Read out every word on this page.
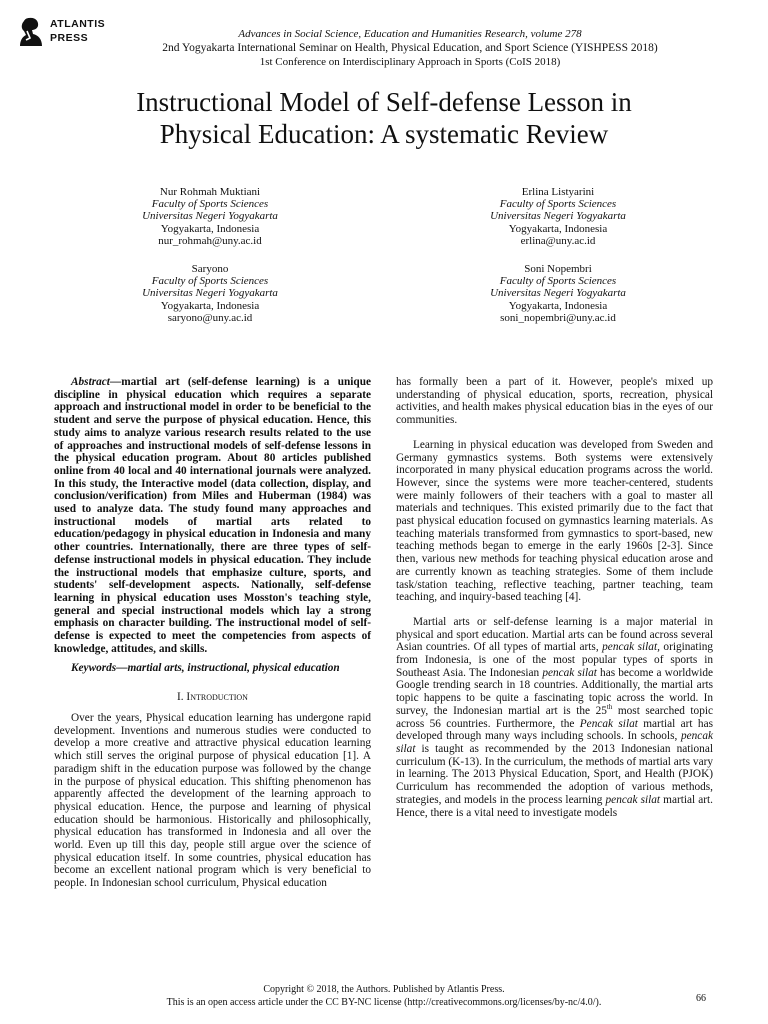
ATLANTIS
PRESS	Advances in Social Science, Education and Humanities Research, volume 278
2nd Yogyakarta International Seminar on Health, Physical Education, and Sport Science (YISHPESS 2018)
1st Conference on Interdisciplinary Approach in Sports (CoIS 2018)
Instructional Model of Self-defense Lesson in
Physical Education: A systematic Review
Nur Rohmah Muktiani
Faculty of Sports Sciences
Universitas Negeri Yogyakarta
Yogyakarta, Indonesia
nur_rohmah@uny.ac.id
Erlina Listyarini
Faculty of Sports Sciences
Universitas Negeri Yogyakarta
Yogyakarta, Indonesia
erlina@uny.ac.id
Saryono
Faculty of Sports Sciences
Universitas Negeri Yogyakarta
Yogyakarta, Indonesia
saryono@uny.ac.id
Soni Nopembri
Faculty of Sports Sciences
Universitas Negeri Yogyakarta
Yogyakarta, Indonesia
soni_nopembri@uny.ac.id

Abstract—martial art (self-defense learning) is a unique discipline in physical education which requires a separate approach and instructional model in order to be beneficial to the student and serve the purpose of physical education. Hence, this study aims to analyze various research results related to the use of approaches and instructional models of self-defense lessons in the physical education program. About 80 articles published online from 40 local and 40 international journals were analyzed. In this study, the Interactive model (data collection, display, and conclusion/verification) from Miles and Huberman (1984) was used to analyze data. The study found many approaches and instructional models of martial arts related to education/pedagogy in physical education in Indonesia and many other countries. Internationally, there are three types of self-defense instructional models in physical education. They include the instructional models that emphasize culture, sports, and students' self-development aspects. Nationally, self-defense learning in physical education uses Mosston's teaching style, general and special instructional models which lay a strong emphasis on character building. The instructional model of self-defense is expected to meet the competencies from aspects of knowledge, attitudes, and skills.

Keywords—martial arts, instructional, physical education

I. Introduction

Over the years, Physical education learning has undergone rapid development. Inventions and numerous studies were conducted to develop a more creative and attractive physical education learning which still serves the original purpose of physical education [1]. A paradigm shift in the education purpose was followed by the change in the purpose of physical education. This shifting phenomenon has apparently affected the development of the learning approach to physical education. Hence, the purpose and learning of physical education should be harmonious. Historically and philosophically, physical education has transformed in Indonesia and all over the world. Even up till this day, people still argue over the science of physical education itself. In some countries, physical education has become an excellent national program which is very beneficial to people. In Indonesian school curriculum, Physical education

has formally been a part of it. However, people's mixed up understanding of physical education, sports, recreation, physical activities, and health makes physical education bias in the eyes of our communities.

Learning in physical education was developed from Sweden and Germany gymnastics systems. Both systems were extensively incorporated in many physical education programs across the world. However, since the systems were more teacher-centered, students were mainly followers of their teachers with a goal to master all materials and techniques. This existed primarily due to the fact that past physical education focused on gymnastics learning materials. As teaching materials transformed from gymnastics to sport-based, new teaching methods began to emerge in the early 1960s [2-3]. Since then, various new methods for teaching physical education arose and are currently known as teaching strategies. Some of them include task/station teaching, reflective teaching, partner teaching, team teaching, and inquiry-based teaching [4].

Martial arts or self-defense learning is a major material in physical and sport education. Martial arts can be found across several Asian countries. Of all types of martial arts, pencak silat, originating from Indonesia, is one of the most popular types of sports in Southeast Asia. The Indonesian pencak silat has become a worldwide Google trending search in 18 countries. Additionally, the martial arts topic happens to be quite a fascinating topic across the world. In survey, the Indonesian martial art is the 25th most searched topic across 56 countries. Furthermore, the Pencak silat martial art has developed through many ways including schools. In schools, pencak silat is taught as recommended by the 2013 Indonesian national curriculum (K-13). In the curriculum, the methods of martial arts vary in learning. The 2013 Physical Education, Sport, and Health (PJOK) Curriculum has recommended the adoption of various methods, strategies, and models in the process learning pencak silat martial art. Hence, there is a vital need to investigate models

Copyright © 2018, the Authors. Published by Atlantis Press.
This is an open access article under the CC BY-NC license (http://creativecommons.org/licenses/by-nc/4.0/).	66
